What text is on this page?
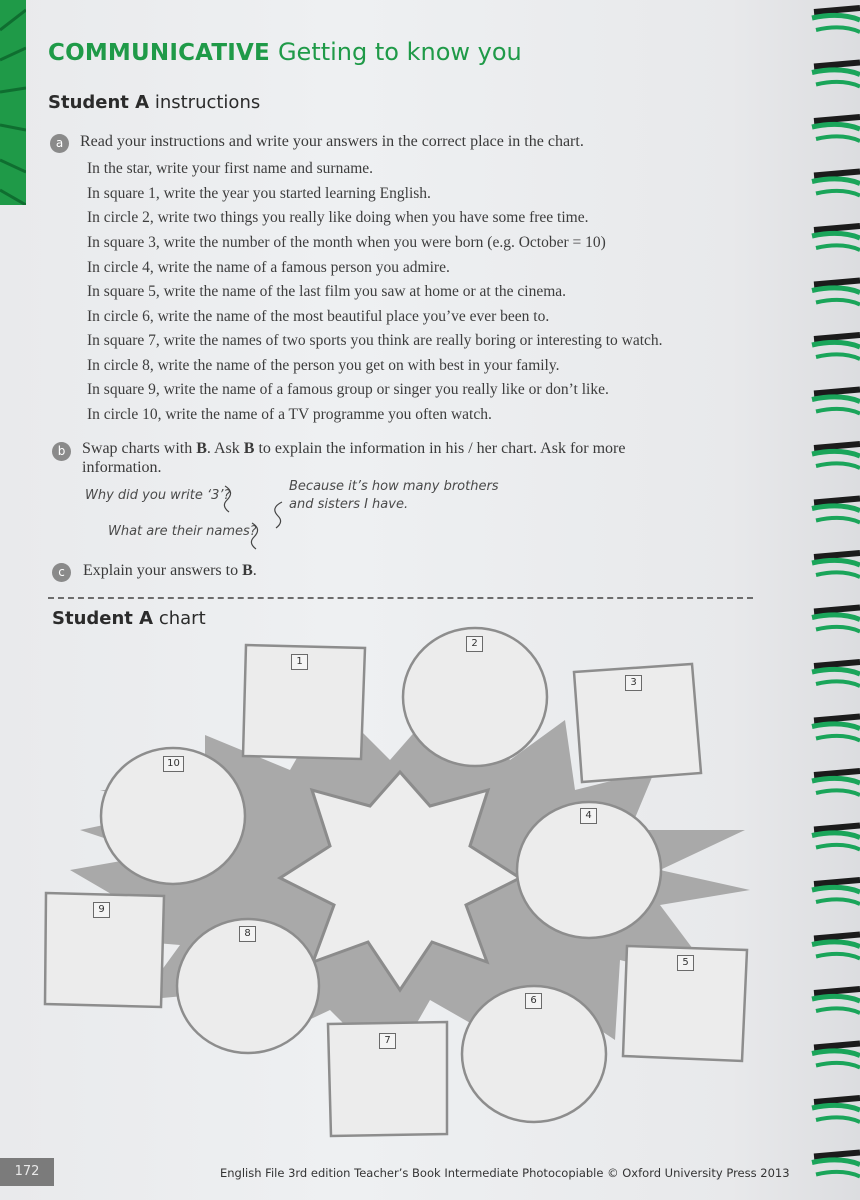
COMMUNICATIVE Getting to know you
Student A instructions
a	Read your instructions and write your answers in the correct place in the chart.
In the star, write your first name and surname.
In square 1, write the year you started learning English.
In circle 2, write two things you really like doing when you have some free time.
In square 3, write the number of the month when you were born (e.g. October = 10)
In circle 4, write the name of a famous person you admire.
In square 5, write the name of the last film you saw at home or at the cinema.
In circle 6, write the name of the most beautiful place you’ve ever been to.
In square 7, write the names of two sports you think are really boring or interesting to watch.
In circle 8, write the name of the person you get on with best in your family.
In square 9, write the name of a famous group or singer you really like or don’t like.
In circle 10, write the name of a TV programme you often watch.
b	Swap charts with B. Ask B to explain the information in his / her chart. Ask for more information.
Why did you write ‘3’?
Because it’s how many brothers
and sisters I have.
What are their names?
c	Explain your answers to B.
Student A chart
1
2
3
4
5
6
7
8
9
10
172	English File 3rd edition Teacher’s Book Intermediate Photocopiable © Oxford University Press 2013
